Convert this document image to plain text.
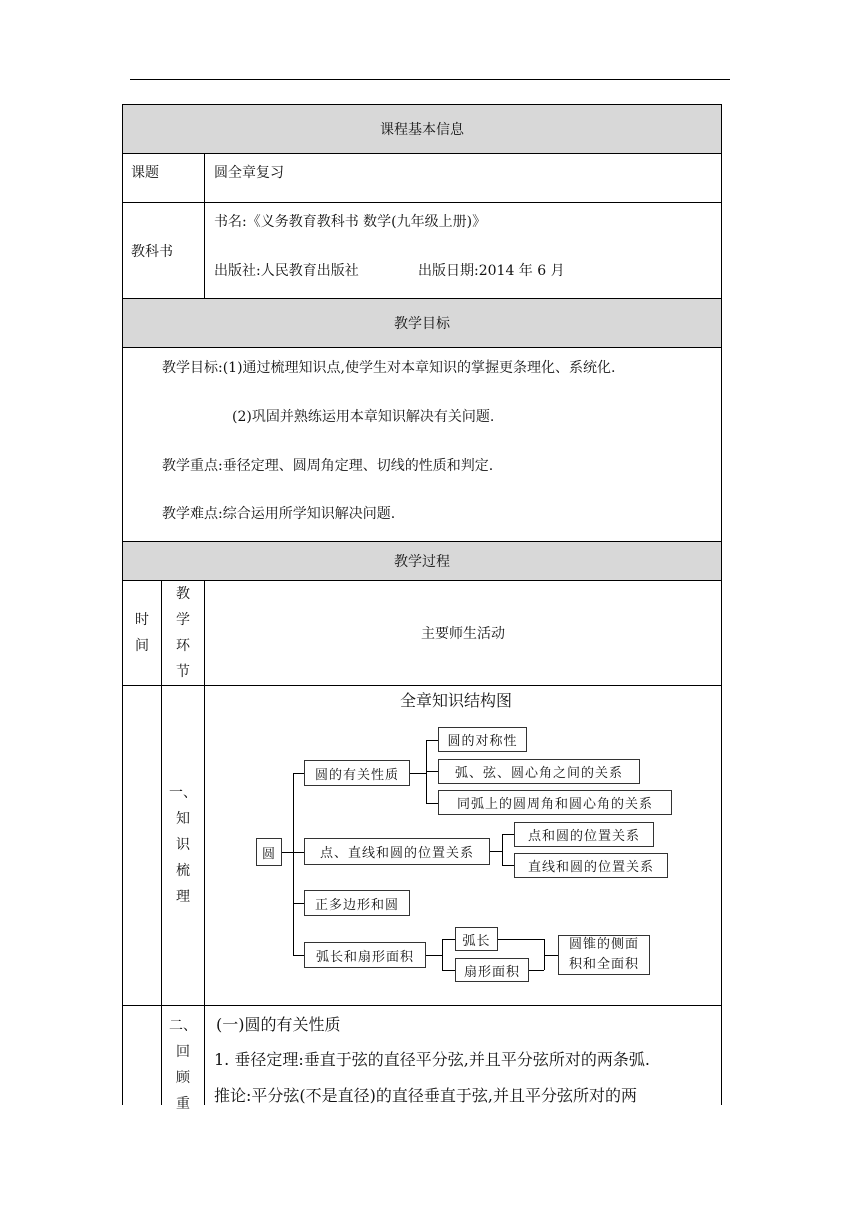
课程基本信息
课题	圆全章复习
教科书
书名:《义务教育教科书 数学(九年级上册)》
出版社:人民教育出版社	出版日期:2014 年 6 月
教学目标
教学目标:(1)通过梳理知识点,使学生对本章知识的掌握更条理化、系统化.
(2)巩固并熟练运用本章知识解决有关问题.
教学重点:垂径定理、圆周角定理、切线的性质和判定.
教学难点:综合运用所学知识解决问题.
教学过程
时
间
教
学
环
节
主要师生活动
一、
知
识
梳
理
二、
回
顾
重
全章知识结构图
圆
圆的有关性质
圆的对称性
弧、弦、圆心角之间的关系
同弧上的圆周角和圆心角的关系
点、直线和圆的位置关系
点和圆的位置关系
直线和圆的位置关系
正多边形和圆
弧长和扇形面积
弧长
扇形面积
圆锥的侧面
积和全面积
(一)圆的有关性质
1. 垂径定理:垂直于弦的直径平分弦,并且平分弦所对的两条弧.
推论:平分弦(不是直径)的直径垂直于弦,并且平分弦所对的两
